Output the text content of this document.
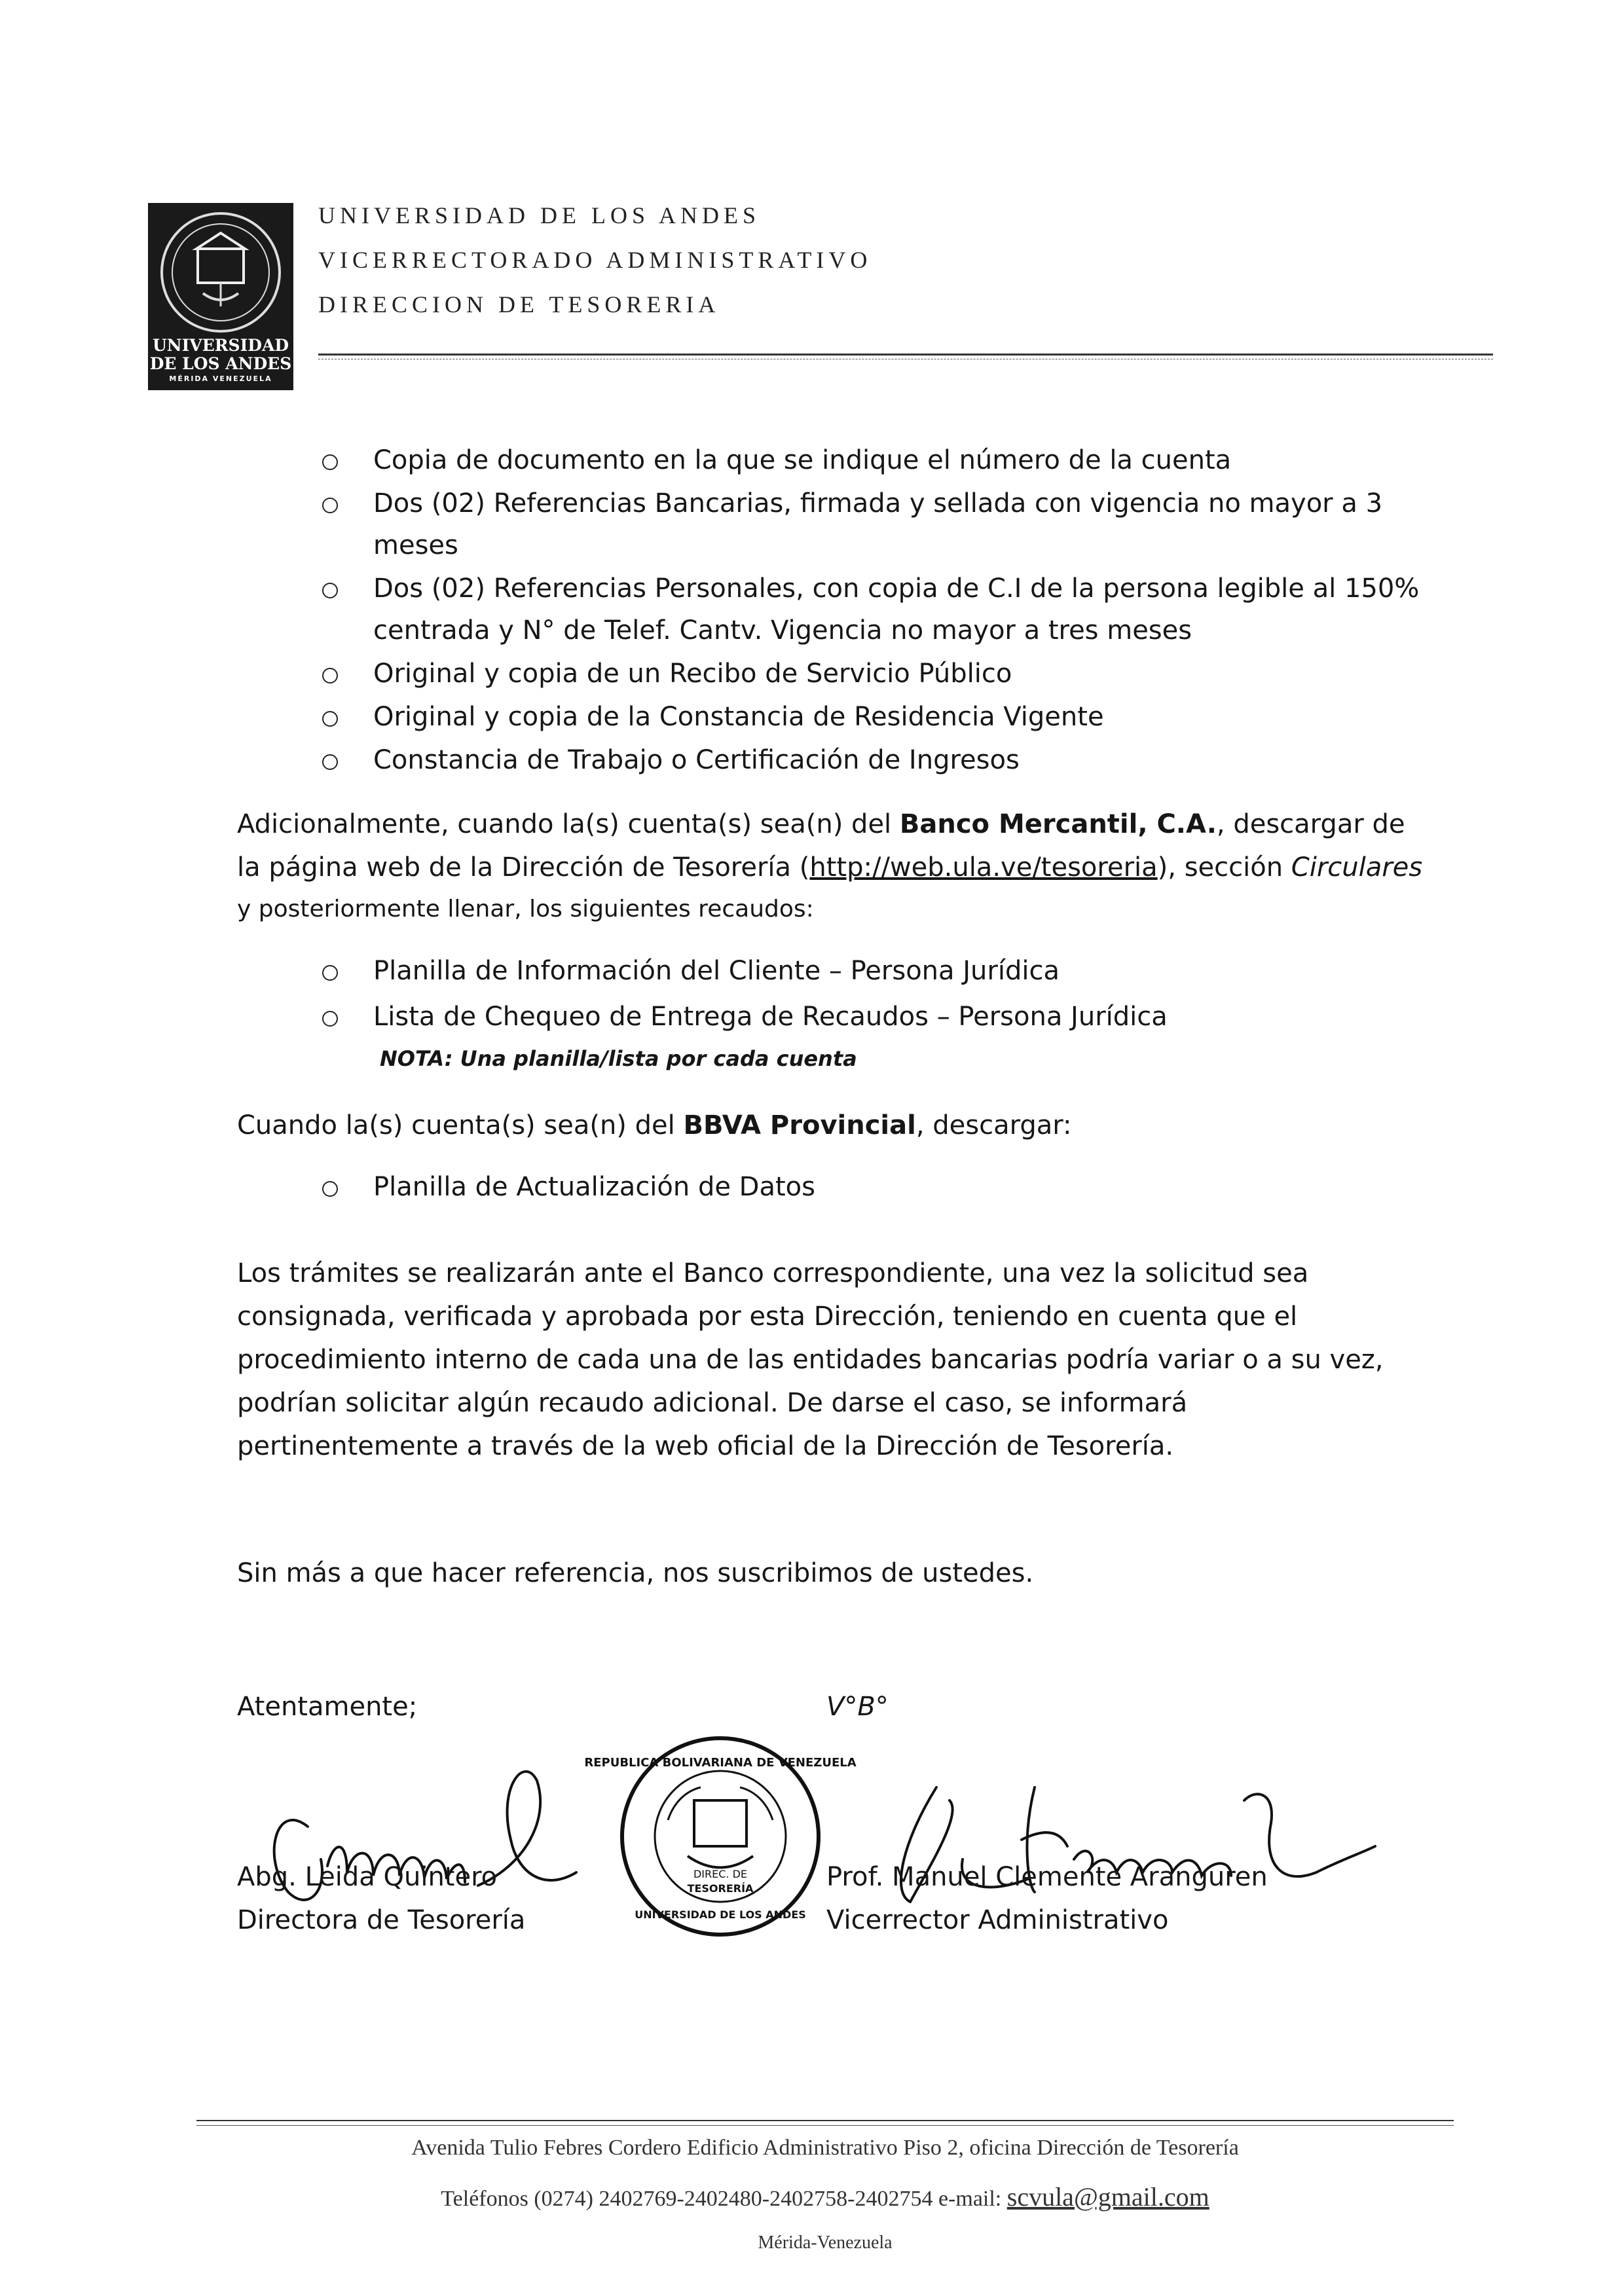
UNIVERSIDAD
DE LOS ANDES
MÉRIDA VENEZUELA
UNIVERSIDAD DE LOS ANDES
VICERRECTORADO ADMINISTRATIVO
DIRECCION DE TESORERIA
Copia de documento en la que se indique el número de la cuenta
Dos (02) Referencias Bancarias, firmada y sellada con vigencia no mayor a 3
meses
Dos (02) Referencias Personales, con copia de C.I de la persona legible al 150%
centrada y N° de Telef. Cantv. Vigencia no mayor a tres meses
Original y copia de un Recibo de Servicio Público
Original y copia de la Constancia de Residencia Vigente
Constancia de Trabajo o Certificación de Ingresos
Adicionalmente, cuando la(s) cuenta(s) sea(n) del Banco Mercantil, C.A., descargar de
la página web de la Dirección de Tesorería (http://web.ula.ve/tesoreria), sección Circulares
y posteriormente llenar, los siguientes recaudos:
Planilla de Información del Cliente – Persona Jurídica
Lista de Chequeo de Entrega de Recaudos – Persona Jurídica
NOTA: Una planilla/lista por cada cuenta
Cuando la(s) cuenta(s) sea(n) del BBVA Provincial, descargar:
Planilla de Actualización de Datos
Los trámites se realizarán ante el Banco correspondiente, una vez la solicitud sea
consignada, verificada y aprobada por esta Dirección, teniendo en cuenta que el
procedimiento interno de cada una de las entidades bancarias podría variar o a su vez,
podrían solicitar algún recaudo adicional. De darse el caso, se informará
pertinentemente a través de la web oficial de la Dirección de Tesorería.
Sin más a que hacer referencia, nos suscribimos de ustedes.
Atentamente;	V°B°
REPUBLICA BOLIVARIANA DE VENEZUELA
UNIVERSIDAD DE LOS ANDES
DIREC. DE
TESORERÍA
Abg. Leida Quintero
Directora de Tesorería
Prof. Manuel Clemente Aranguren
Vicerrector Administrativo
Avenida Tulio Febres Cordero Edificio Administrativo Piso 2, oficina Dirección de Tesorería
Teléfonos (0274) 2402769-2402480-2402758-2402754 e-mail: scvula@gmail.com
Mérida-Venezuela
